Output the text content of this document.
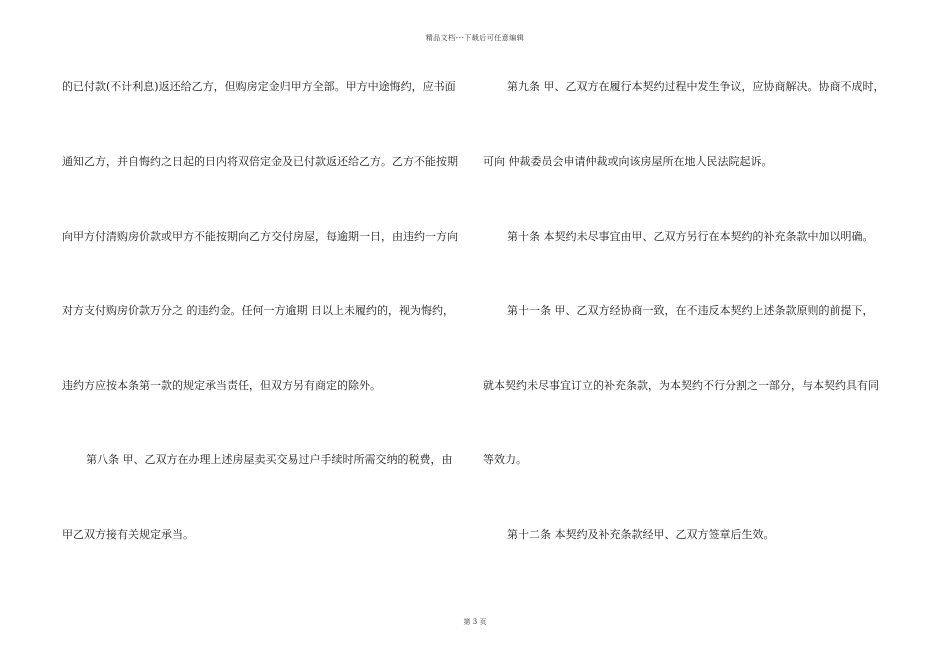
精品文档---下载后可任意编辑
的已付款(不计利息)返还给乙方，但购房定金归甲方全部。甲方中途悔约，应书面
通知乙方，并自悔约之日起的日内将双倍定金及已付款返还给乙方。乙方不能按期
向甲方付清购房价款或甲方不能按期向乙方交付房屋，每逾期一日，由违约一方向
对方支付购房价款万分之 的违约金。任何一方逾期 日以上未履约的，视为悔约，
违约方应按本条第一款的规定承当责任，但双方另有商定的除外。
第八条 甲、乙双方在办理上述房屋卖买交易过户手续时所需交纳的税费，由
甲乙双方接有关规定承当。
第九条 甲、乙双方在履行本契约过程中发生争议，应协商解决。协商不成时，
可向 仲裁委员会申请仲裁或向该房屋所在地人民法院起诉。
第十条 本契约未尽事宜由甲、乙双方另行在本契约的补充条款中加以明确。
第十一条 甲、乙双方经协商一致，在不违反本契约上述条款原则的前提下，
就本契约未尽事宜订立的补充条款，为本契约不行分割之一部分，与本契约具有同
等效力。
第十二条 本契约及补充条款经甲、乙双方签章后生效。
第 3 页
